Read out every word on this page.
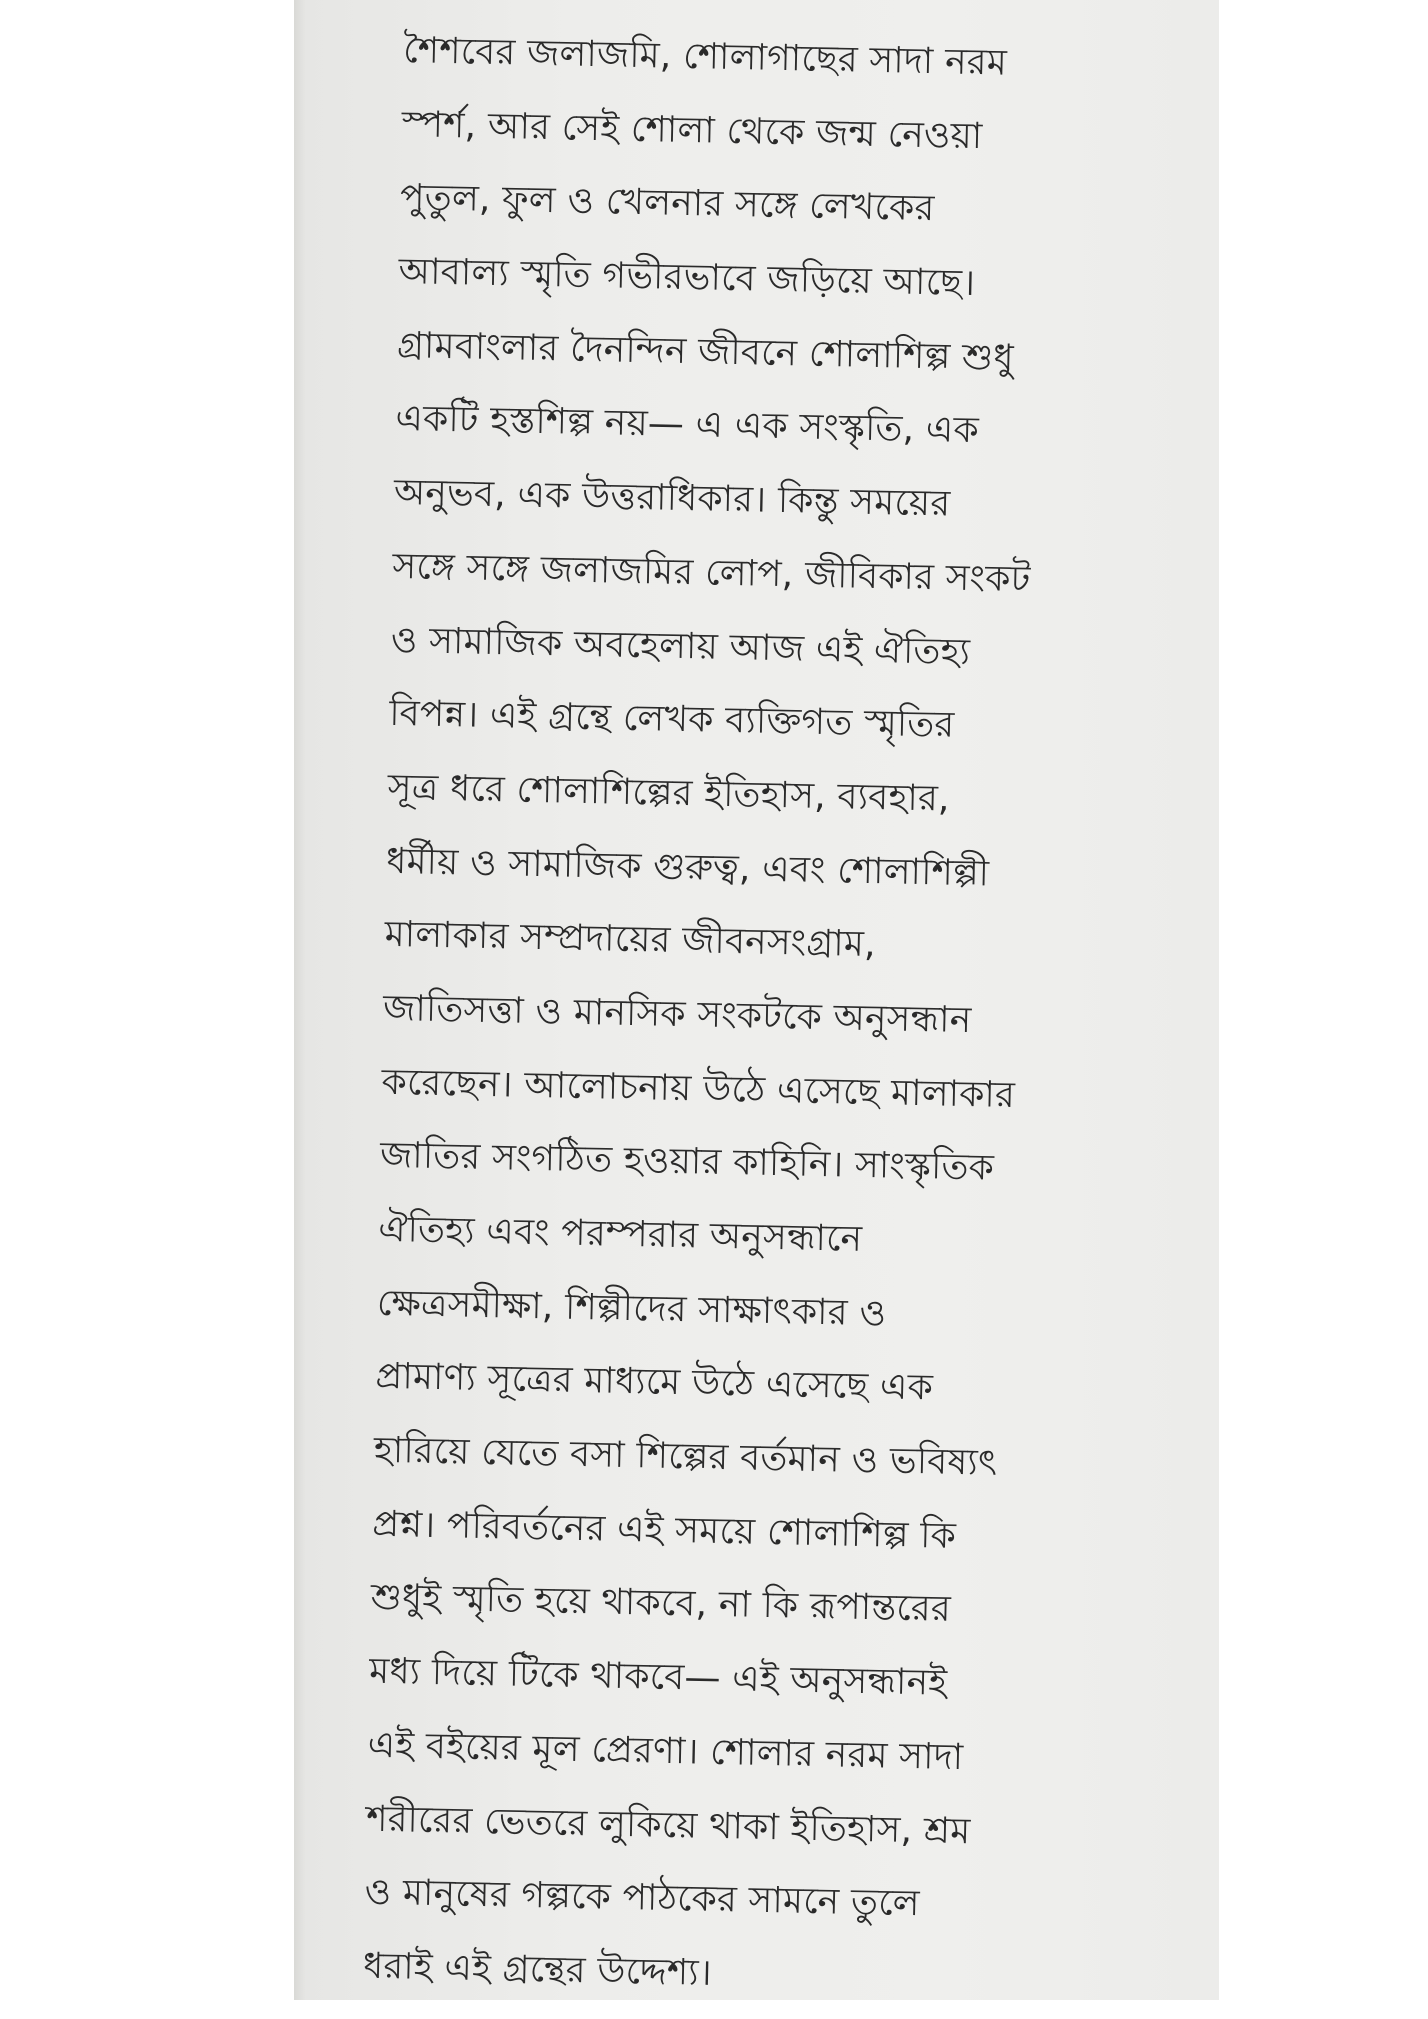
শৈশবের জলাজমি, শোলাগাছের সাদা নরম
স্পর্শ, আর সেই শোলা থেকে জন্ম নেওয়া
পুতুল, ফুল ও খেলনার সঙ্গে লেখকের
আবাল্য স্মৃতি গভীরভাবে জড়িয়ে আছে।
গ্রামবাংলার দৈনন্দিন জীবনে শোলাশিল্প শুধু
একটি হস্তশিল্প নয়— এ এক সংস্কৃতি, এক
অনুভব, এক উত্তরাধিকার। কিন্তু সময়ের
সঙ্গে সঙ্গে জলাজমির লোপ, জীবিকার সংকট
ও সামাজিক অবহেলায় আজ এই ঐতিহ্য
বিপন্ন। এই গ্রন্থে লেখক ব্যক্তিগত স্মৃতির
সূত্র ধরে শোলাশিল্পের ইতিহাস, ব্যবহার,
ধর্মীয় ও সামাজিক গুরুত্ব, এবং শোলাশিল্পী
মালাকার সম্প্রদায়ের জীবনসংগ্রাম,
জাতিসত্তা ও মানসিক সংকটকে অনুসন্ধান
করেছেন। আলোচনায় উঠে এসেছে মালাকার
জাতির সংগঠিত হওয়ার কাহিনি। সাংস্কৃতিক
ঐতিহ্য এবং পরম্পরার অনুসন্ধানে
ক্ষেত্রসমীক্ষা, শিল্পীদের সাক্ষাৎকার ও
প্রামাণ্য সূত্রের মাধ্যমে উঠে এসেছে এক
হারিয়ে যেতে বসা শিল্পের বর্তমান ও ভবিষ্যৎ
প্রশ্ন। পরিবর্তনের এই সময়ে শোলাশিল্প কি
শুধুই স্মৃতি হয়ে থাকবে, না কি রূপান্তরের
মধ্য দিয়ে টিকে থাকবে— এই অনুসন্ধানই
এই বইয়ের মূল প্রেরণা। শোলার নরম সাদা
শরীরের ভেতরে লুকিয়ে থাকা ইতিহাস, শ্রম
ও মানুষের গল্পকে পাঠকের সামনে তুলে
ধরাই এই গ্রন্থের উদ্দেশ্য।
